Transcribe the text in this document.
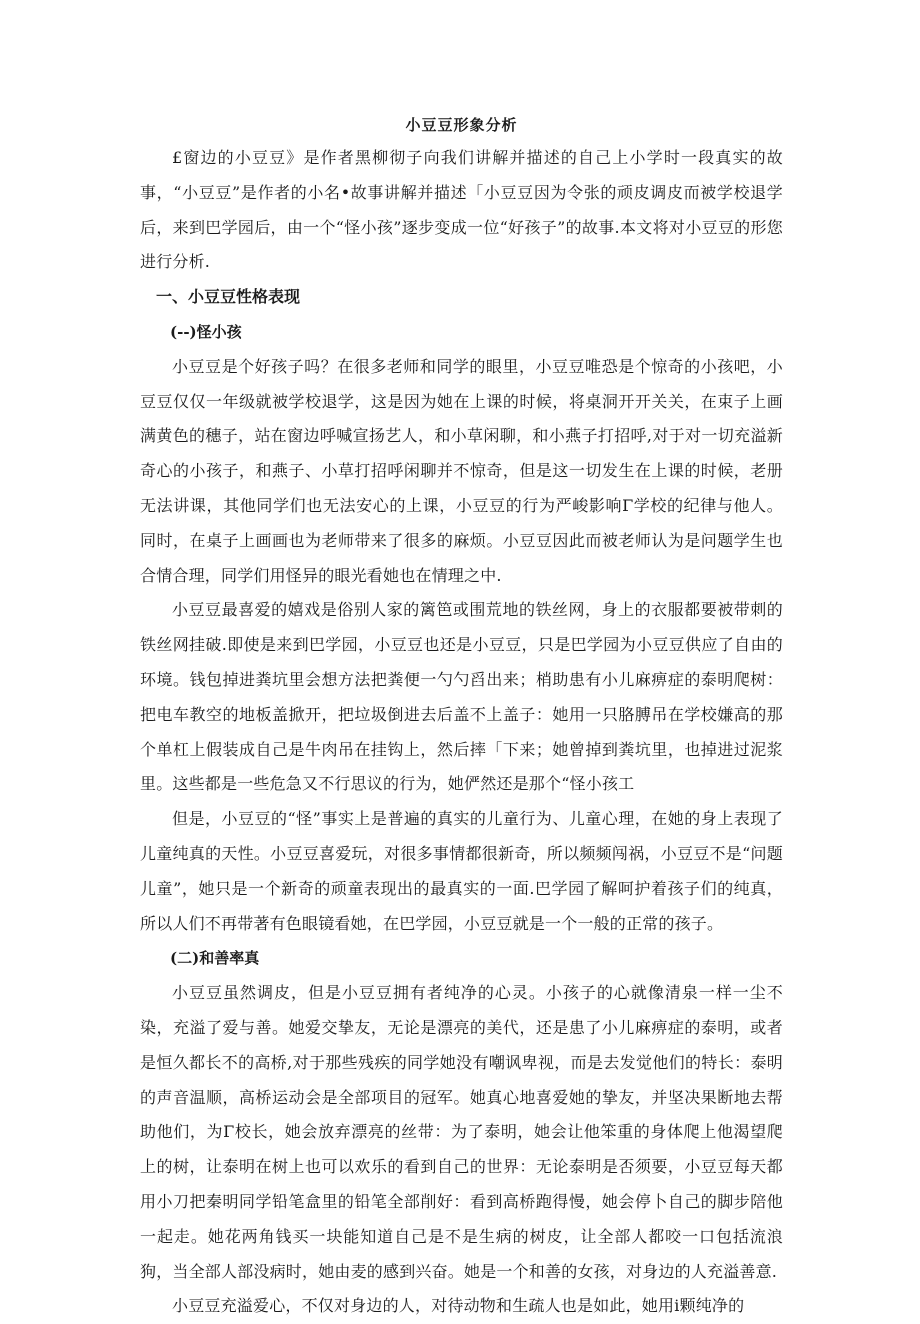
小豆豆形象分析

£窗边的小豆豆》是作者黑柳彻子向我们讲解并描述的自己上小学时一段真实的故事，“小豆豆”是作者的小名•故事讲解并描述「小豆豆因为令张的顽皮调皮而被学校退学后，来到巴学园后，由一个“怪小孩”逐步变成一位“好孩子”的故事.本文将对小豆豆的形您进行分析.

一、小豆豆性格表现
(--)怪小孩

小豆豆是个好孩子吗？在很多老师和同学的眼里，小豆豆唯恐是个惊奇的小孩吧，小豆豆仅仅一年级就被学校退学，这是因为她在上课的时候，将桌洞开开关关，在束子上画满黄色的穗子，站在窗边呼喊宣扬艺人，和小草闲聊，和小燕子打招呼,对于对一切充溢新奇心的小孩子，和燕子、小草打招呼闲聊并不惊奇，但是这一切发生在上课的时候，老册无法讲课，其他同学们也无法安心的上课，小豆豆的行为严峻影响Γ学校的纪律与他人。同时，在桌子上画画也为老师带来了很多的麻烦。小豆豆因此而被老师认为是问题学生也合情合理，同学们用怪异的眼光看她也在情理之中.

小豆豆最喜爱的嬉戏是俗别人家的篱笆或围荒地的铁丝网，身上的衣服都要被带刺的铁丝网挂破.即使是来到巴学园，小豆豆也还是小豆豆，只是巴学园为小豆豆供应了自由的环境。钱包掉进粪坑里会想方法把粪便一勺勺舀出来；梢助患有小儿麻痹症的泰明爬树：把电车教空的地板盖掀开，把垃圾倒进去后盖不上盖子：她用一只胳膊吊在学校嫌高的那个单杠上假装成自己是牛肉吊在挂钩上，然后摔「下来；她曾掉到粪坑里，也掉进过泥浆里。这些都是一些危急又不行思议的行为，她俨然还是那个“怪小孩工

但是，小豆豆的“怪”事实上是普遍的真实的儿童行为、儿童心理，在她的身上表现了儿童纯真的天性。小豆豆喜爱玩，对很多事情都很新奇，所以频频闯祸，小豆豆不是“问题儿童”，她只是一个新奇的顽童表现出的最真实的一面.巴学园了解呵护着孩子们的纯真，所以人们不再带著有色眼镜看她，在巴学园，小豆豆就是一个一般的正常的孩子。

(二)和善率真

小豆豆虽然调皮，但是小豆豆拥有者纯净的心灵。小孩子的心就像清泉一样一尘不染，充溢了爱与善。她爱交挚友，无论是漂亮的美代，还是患了小儿麻痹症的泰明，或者是恒久都长不的高桥,对于那些残疾的同学她没有嘲讽卑视，而是去发觉他们的特长：泰明的声音温顺，高桥运动会是全部项目的冠军。她真心地喜爱她的挚友，并坚决果断地去帮助他们，为Γ校长，她会放弃漂亮的丝带：为了泰明，她会让他笨重的身体爬上他渴望爬上的树，让泰明在树上也可以欢乐的看到自己的世界：无论泰明是否须要，小豆豆每天都用小刀把秦明同学铅笔盒里的铅笔全部削好：看到高桥跑得慢，她会停卜自己的脚步陪他一起走。她花两角钱买一块能知道自己是不是生病的树皮，让全部人都咬一口包括流浪狗，当全部人部没病时，她由麦的感到兴奋。她是一个和善的女孩，对身边的人充溢善意.

小豆豆充溢爱心，不仅对身边的人，对待动物和生疏人也是如此，她用i颗纯净的
